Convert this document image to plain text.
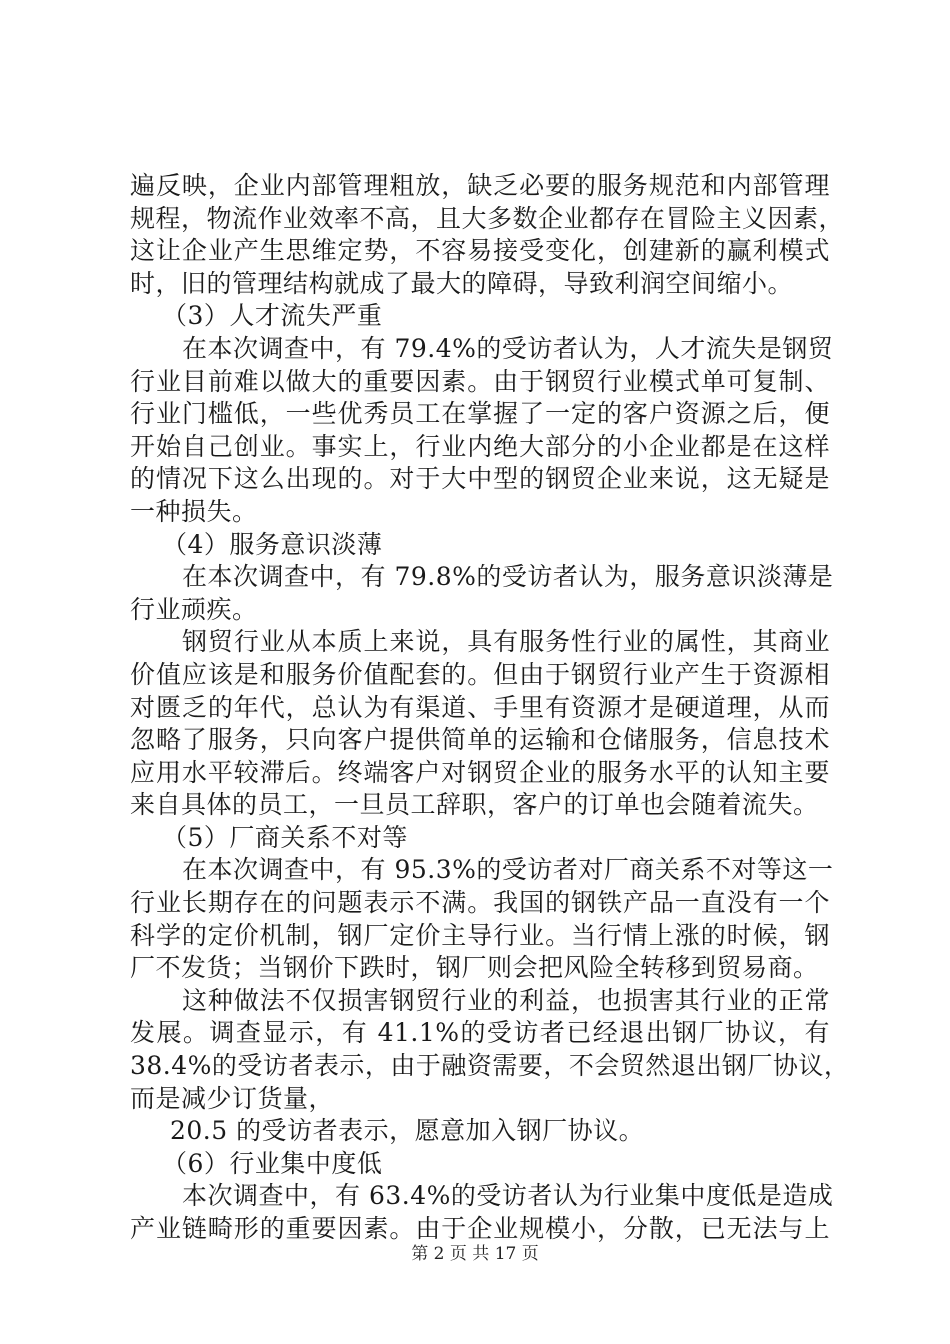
遍反映，企业内部管理粗放，缺乏必要的服务规范和内部管理
规程，物流作业效率不高，且大多数企业都存在冒险主义因素，
这让企业产生思维定势，不容易接受变化，创建新的赢利模式
时，旧的管理结构就成了最大的障碍，导致利润空间缩小。
（3）人才流失严重
在本次调查中，有 79.4%的受访者认为，人才流失是钢贸
行业目前难以做大的重要因素。由于钢贸行业模式单可复制、
行业门槛低，一些优秀员工在掌握了一定的客户资源之后，便
开始自己创业。事实上，行业内绝大部分的小企业都是在这样
的情况下这么出现的。对于大中型的钢贸企业来说，这无疑是
一种损失。
（4）服务意识淡薄
在本次调查中，有 79.8%的受访者认为，服务意识淡薄是
行业顽疾。
钢贸行业从本质上来说，具有服务性行业的属性，其商业
价值应该是和服务价值配套的。但由于钢贸行业产生于资源相
对匮乏的年代，总认为有渠道、手里有资源才是硬道理，从而
忽略了服务，只向客户提供简单的运输和仓储服务，信息技术
应用水平较滞后。终端客户对钢贸企业的服务水平的认知主要
来自具体的员工，一旦员工辞职，客户的订单也会随着流失。
（5）厂商关系不对等
在本次调查中，有 95.3%的受访者对厂商关系不对等这一
行业长期存在的问题表示不满。我国的钢铁产品一直没有一个
科学的定价机制，钢厂定价主导行业。当行情上涨的时候，钢
厂不发货；当钢价下跌时，钢厂则会把风险全转移到贸易商。
这种做法不仅损害钢贸行业的利益，也损害其行业的正常
发展。调查显示，有 41.1%的受访者已经退出钢厂协议，有
38.4%的受访者表示，由于融资需要，不会贸然退出钢厂协议，
而是减少订货量，
20.5 的受访者表示，愿意加入钢厂协议。
（6）行业集中度低
本次调查中，有 63.4%的受访者认为行业集中度低是造成
产业链畸形的重要因素。由于企业规模小，分散，已无法与上
第 2 页 共 17 页
